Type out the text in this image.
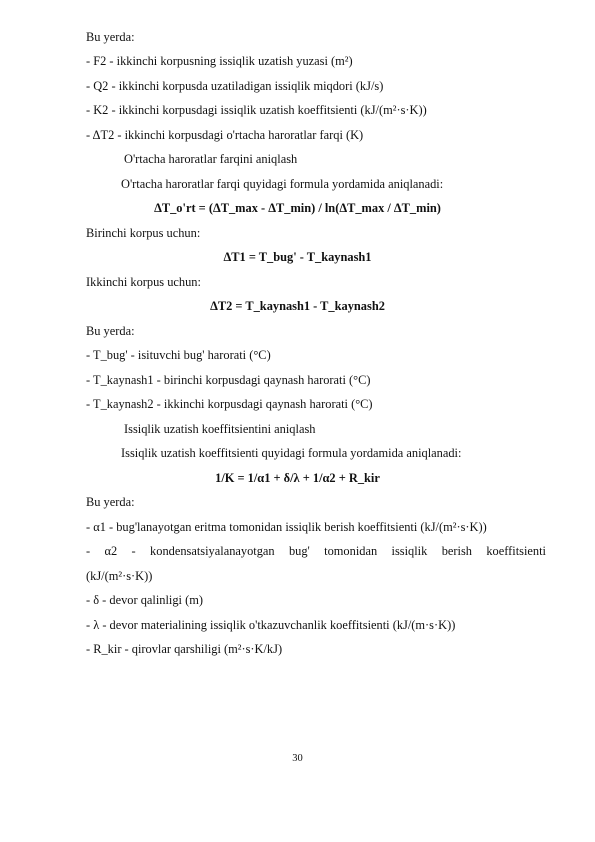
Bu yerda:
- F2 - ikkinchi korpusning issiqlik uzatish yuzasi (m²)
- Q2 - ikkinchi korpusda uzatiladigan issiqlik miqdori (kJ/s)
- K2 - ikkinchi korpusdagi issiqlik uzatish koeffitsienti (kJ/(m²·s·K))
- ΔT2 - ikkinchi korpusdagi o'rtacha haroratlar farqi (K)
O'rtacha haroratlar farqini aniqlash
O'rtacha haroratlar farqi quyidagi formula yordamida aniqlanadi:
ΔT_o'rt = (ΔT_max - ΔT_min) / ln(ΔT_max / ΔT_min)
Birinchi korpus uchun:
ΔT1 = T_bug' - T_kaynash1
Ikkinchi korpus uchun:
ΔT2 = T_kaynash1 - T_kaynash2
Bu yerda:
- T_bug' - isituvchi bug' harorati (°C)
- T_kaynash1 - birinchi korpusdagi qaynash harorati (°C)
- T_kaynash2 - ikkinchi korpusdagi qaynash harorati (°C)
Issiqlik uzatish koeffitsientini aniqlash
Issiqlik uzatish koeffitsienti quyidagi formula yordamida aniqlanadi:
1/K = 1/α1 + δ/λ + 1/α2 + R_kir
Bu yerda:
- α1 - bug'lanayotgan eritma tomonidan issiqlik berish koeffitsienti (kJ/(m²·s·K))
- α2 - kondensatsiyalanayotgan bug' tomonidan issiqlik berish koeffitsienti
(kJ/(m²·s·K))
- δ - devor qalinligi (m)
- λ - devor materialining issiqlik o'tkazuvchanlik koeffitsienti (kJ/(m·s·K))
- R_kir - qirovlar qarshiligi (m²·s·K/kJ)
30
